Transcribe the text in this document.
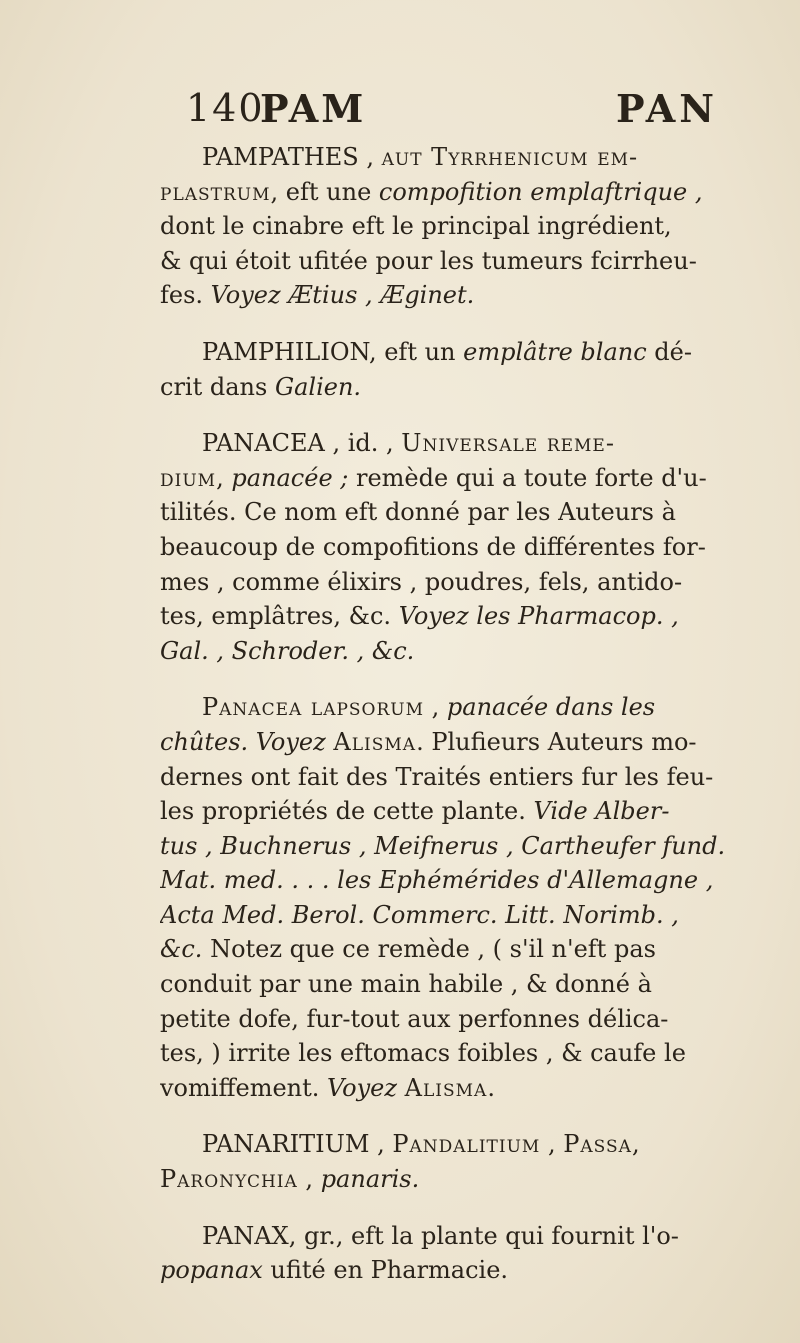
140
PAM	PAN
PAMPATHES , aut Tyrrhenicum em-
plastrum, eft une compofition emplaftrique ,
dont le cinabre eft le principal ingrédient,
& qui étoit ufitée pour les tumeurs fcirrheu-
fes. Voyez Ætius , Æginet.
PAMPHILION, eft un emplâtre blanc dé-
crit dans Galien.
PANACEA , id. , Universale reme-
dium, panacée ; remède qui a toute forte d'u-
tilités. Ce nom eft donné par les Auteurs à
beaucoup de compofitions de différentes for-
mes , comme élixirs , poudres, fels, antido-
tes, emplâtres, &c. Voyez les Pharmacop. ,
Gal. , Schroder. , &c.
Panacea lapsorum , panacée dans les
chûtes. Voyez Alisma. Plufieurs Auteurs mo-
dernes ont fait des Traités entiers fur les feu-
les propriétés de cette plante. Vide Alber-
tus , Buchnerus , Meifnerus , Cartheufer fund.
Mat. med. . . . les Ephémérides d'Allemagne ,
Acta Med. Berol. Commerc. Litt. Norimb. ,
&c. Notez que ce remède , ( s'il n'eft pas
conduit par une main habile , & donné à
petite dofe, fur-tout aux perfonnes délica-
tes, ) irrite les eftomacs foibles , & caufe le
vomiffement. Voyez Alisma.
PANARITIUM , Pandalitium , Passa,
Paronychia , panaris.
PANAX, gr., eft la plante qui fournit l'o-
popanax ufité en Pharmacie.
